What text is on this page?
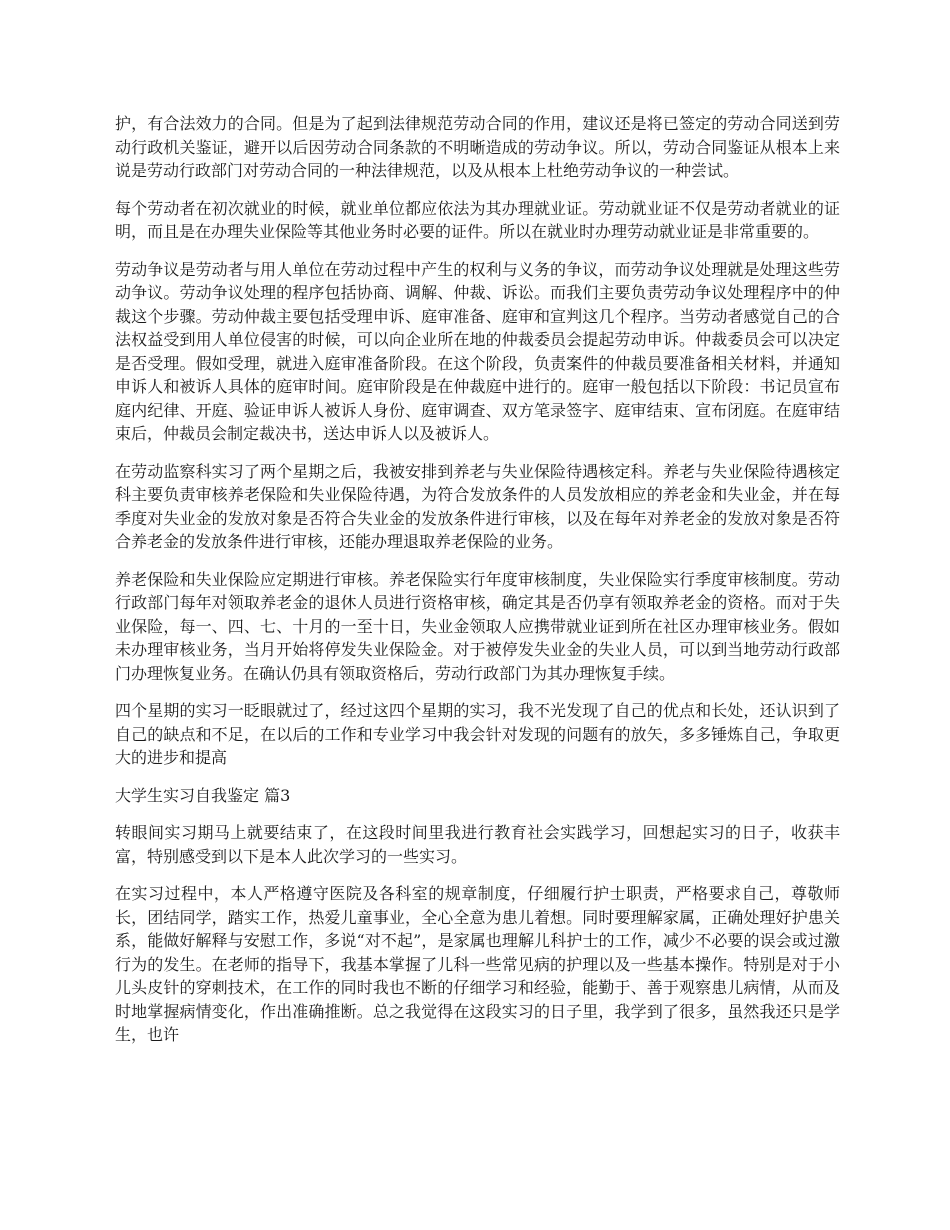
护，有合法效力的合同。但是为了起到法律规范劳动合同的作用，建议还是将已签定的劳动合同送到劳动行政机关鉴证，避开以后因劳动合同条款的不明晰造成的劳动争议。所以，劳动合同鉴证从根本上来说是劳动行政部门对劳动合同的一种法律规范，以及从根本上杜绝劳动争议的一种尝试。

每个劳动者在初次就业的时候，就业单位都应依法为其办理就业证。劳动就业证不仅是劳动者就业的证明，而且是在办理失业保险等其他业务时必要的证件。所以在就业时办理劳动就业证是非常重要的。

劳动争议是劳动者与用人单位在劳动过程中产生的权利与义务的争议，而劳动争议处理就是处理这些劳动争议。劳动争议处理的程序包括协商、调解、仲裁、诉讼。而我们主要负责劳动争议处理程序中的仲裁这个步骤。劳动仲裁主要包括受理申诉、庭审准备、庭审和宣判这几个程序。当劳动者感觉自己的合法权益受到用人单位侵害的时候，可以向企业所在地的仲裁委员会提起劳动申诉。仲裁委员会可以决定是否受理。假如受理，就进入庭审准备阶段。在这个阶段，负责案件的仲裁员要准备相关材料，并通知申诉人和被诉人具体的庭审时间。庭审阶段是在仲裁庭中进行的。庭审一般包括以下阶段：书记员宣布庭内纪律、开庭、验证申诉人被诉人身份、庭审调查、双方笔录签字、庭审结束、宣布闭庭。在庭审结束后，仲裁员会制定裁决书，送达申诉人以及被诉人。

在劳动监察科实习了两个星期之后，我被安排到养老与失业保险待遇核定科。养老与失业保险待遇核定科主要负责审核养老保险和失业保险待遇，为符合发放条件的人员发放相应的养老金和失业金，并在每季度对失业金的发放对象是否符合失业金的发放条件进行审核，以及在每年对养老金的发放对象是否符合养老金的发放条件进行审核，还能办理退取养老保险的业务。

养老保险和失业保险应定期进行审核。养老保险实行年度审核制度，失业保险实行季度审核制度。劳动行政部门每年对领取养老金的退休人员进行资格审核，确定其是否仍享有领取养老金的资格。而对于失业保险，每一、四、七、十月的一至十日，失业金领取人应携带就业证到所在社区办理审核业务。假如未办理审核业务，当月开始将停发失业保险金。对于被停发失业金的失业人员，可以到当地劳动行政部门办理恢复业务。在确认仍具有领取资格后，劳动行政部门为其办理恢复手续。

四个星期的实习一眨眼就过了，经过这四个星期的实习，我不光发现了自己的优点和长处，还认识到了自己的缺点和不足，在以后的工作和专业学习中我会针对发现的问题有的放矢，多多锤炼自己，争取更大的进步和提高

大学生实习自我鉴定 篇3

转眼间实习期马上就要结束了，在这段时间里我进行教育社会实践学习，回想起实习的日子，收获丰富，特别感受到以下是本人此次学习的一些实习。

在实习过程中，本人严格遵守医院及各科室的规章制度，仔细履行护士职责，严格要求自己，尊敬师长，团结同学，踏实工作，热爱儿童事业，全心全意为患儿着想。同时要理解家属，正确处理好护患关系，能做好解释与安慰工作，多说“对不起”，是家属也理解儿科护士的工作，减少不必要的误会或过激行为的发生。在老师的指导下，我基本掌握了儿科一些常见病的护理以及一些基本操作。特别是对于小儿头皮针的穿刺技术，在工作的同时我也不断的仔细学习和经验，能勤于、善于观察患儿病情，从而及时地掌握病情变化，作出准确推断。总之我觉得在这段实习的日子里，我学到了很多，虽然我还只是学生，也许
